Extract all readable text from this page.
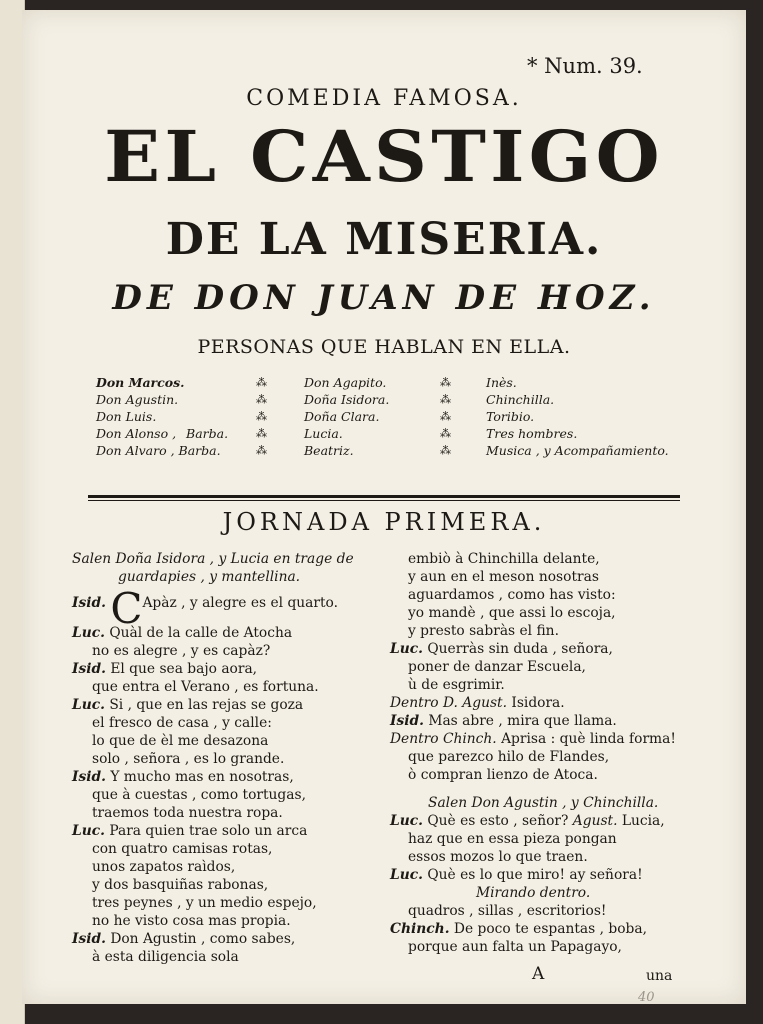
* Num. 39.
COMEDIA FAMOSA.
EL CASTIGO
DE LA MISERIA.
DE DON JUAN DE HOZ.
PERSONAS QUE HABLAN EN ELLA.
Don Marcos.
Don Agustin.
Don Luis.
Don Alonso , Barba.
Don Alvaro , Barba.
⁂
⁂
⁂
⁂
⁂
Don Agapito.
Doña Isidora.
Doña Clara.
Lucia.
Beatriz.
⁂
⁂
⁂
⁂
⁂
Inès.
Chinchilla.
Toribio.
Tres hombres.
Musica , y Acompañamiento.
JORNADA PRIMERA.
Salen Doña Isidora , y Lucia en trage de
guardapies , y mantellina.
Isid. CApàz , y alegre es el quarto.
Luc. Quàl de la calle de Atocha
no es alegre , y es capàz?
Isid. El que sea bajo aora,
que entra el Verano , es fortuna.
Luc. Si , que en las rejas se goza
el fresco de casa , y calle:
lo que de èl me desazona
solo , señora , es lo grande.
Isid. Y mucho mas en nosotras,
que à cuestas , como tortugas,
traemos toda nuestra ropa.
Luc. Para quien trae solo un arca
con quatro camisas rotas,
unos zapatos raìdos,
y dos basquiñas rabonas,
tres peynes , y un medio espejo,
no he visto cosa mas propia.
Isid. Don Agustin , como sabes,
à esta diligencia sola
embiò à Chinchilla delante,
y aun en el meson nosotras
aguardamos , como has visto:
yo mandè , que assi lo escoja,
y presto sabràs el fin.
Luc. Querràs sin duda , señora,
poner de danzar Escuela,
ù de esgrimir.
Dentro D. Agust. Isidora.
Isid. Mas abre , mira que llama.
Dentro Chinch. Aprisa : què linda forma!
que parezco hilo de Flandes,
ò compran lienzo de Atoca.
Salen Don Agustin , y Chinchilla.
Luc. Què es esto , señor? Agust. Lucia,
haz que en essa pieza pongan
essos mozos lo que traen.
Luc. Què es lo que miro! ay señora!
Mirando dentro.
quadros , sillas , escritorios!
Chinch. De poco te espantas , boba,
porque aun falta un Papagayo,
A	una
40
